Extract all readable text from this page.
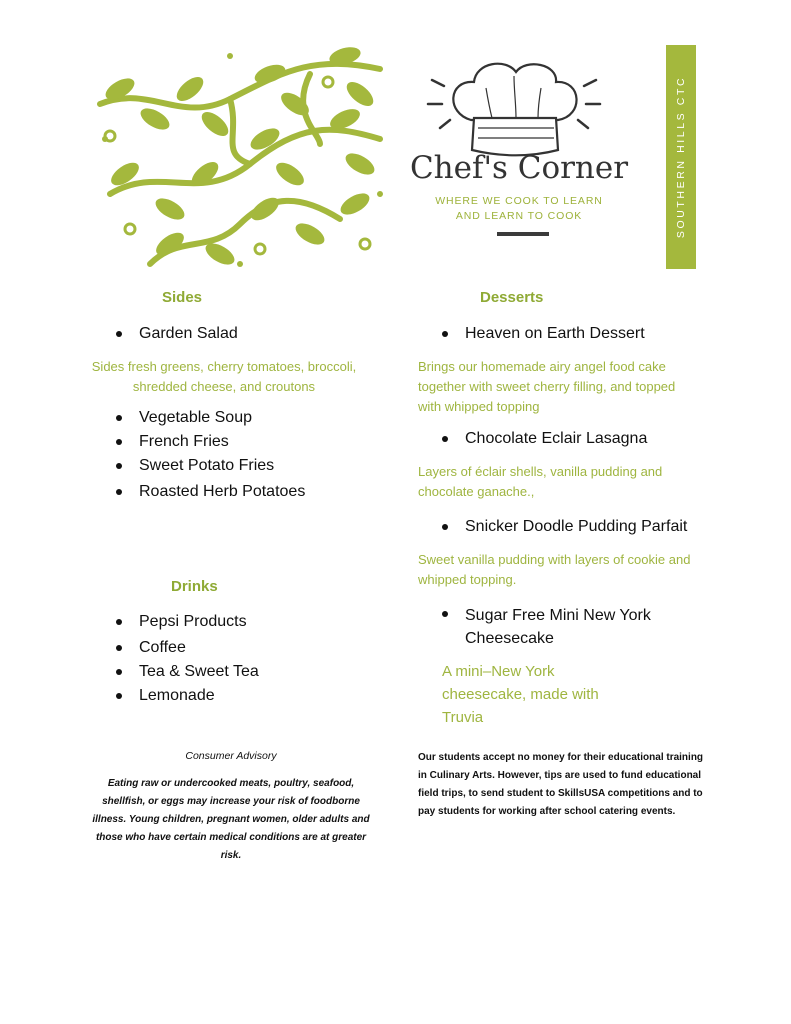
Chef's Corner
WHERE WE COOK TO LEARN
AND LEARN TO COOK	SOUTHERN HILLS CTC
Sides
Garden Salad
Sides fresh greens, cherry tomatoes, broccoli, shredded cheese, and croutons
Vegetable Soup
French Fries
Sweet Potato Fries
Roasted Herb Potatoes
Drinks
Pepsi Products
Coffee
Tea & Sweet Tea
Lemonade
Desserts
Heaven on Earth Dessert
Brings our homemade airy angel food cake together with sweet cherry filling, and topped with whipped topping
Chocolate Eclair Lasagna
Layers of éclair shells, vanilla pudding and chocolate ganache.,
Snicker Doodle Pudding Parfait
Sweet vanilla pudding with layers of cookie and whipped topping.
Sugar Free Mini New York Cheesecake
A mini–New York cheesecake, made with Truvia
Consumer Advisory
Eating raw or undercooked meats, poultry, seafood, shellfish, or eggs may increase your risk of foodborne illness. Young children, pregnant women, older adults and those who have certain medical conditions are at greater risk.
Our students accept no money for their educational training in Culinary Arts. However, tips are used to fund educational field trips, to send student to SkillsUSA competitions and to pay students for working after school catering events.
